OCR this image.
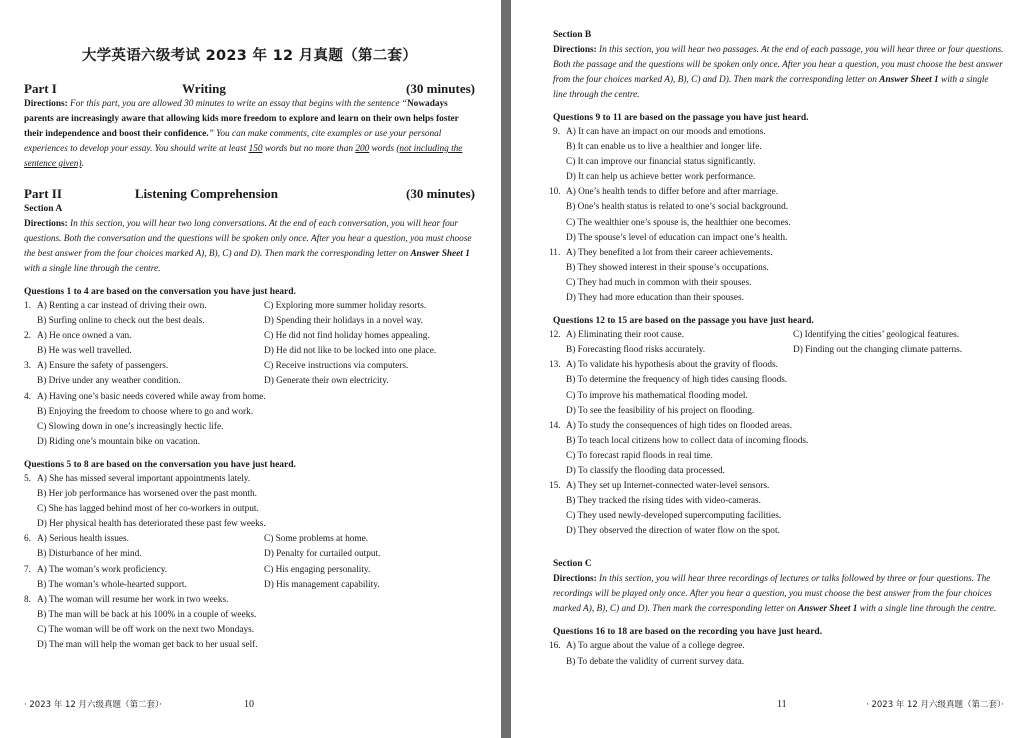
大学英语六级考试 2023 年 12 月真题（第二套）
Part I	Writing	(30 minutes)

Directions: For this part, you are allowed 30 minutes to write an essay that begins with the sentence “Nowadays parents are increasingly aware that allowing kids more freedom to explore and learn on their own helps foster their independence and boost their confidence.” You can make comments, cite examples or use your personal experiences to develop your essay. You should write at least 150 words but no more than 200 words (not including the sentence given).

Part II	Listening Comprehension	(30 minutes)
Section A

Directions: In this section, you will hear two long conversations. At the end of each conversation, you will hear four questions. Both the conversation and the questions will be spoken only once. After you hear a question, you must choose the best answer from the four choices marked A), B), C) and D). Then mark the corresponding letter on Answer Sheet 1 with a single line through the centre.

Questions 1 to 4 are based on the conversation you have just heard.
1. A) Renting a car instead of driving their own.	C) Exploring more summer holiday resorts.
B) Surfing online to check out the best deals.	D) Spending their holidays in a novel way.
2. A) He once owned a van.	C) He did not find holiday homes appealing.
B) He was well travelled.	D) He did not like to be locked into one place.
3. A) Ensure the safety of passengers.	C) Receive instructions via computers.
B) Drive under any weather condition.	D) Generate their own electricity.
4. A) Having one’s basic needs covered while away from home.
B) Enjoying the freedom to choose where to go and work.
C) Slowing down in one’s increasingly hectic life.
D) Riding one’s mountain bike on vacation.
Questions 5 to 8 are based on the conversation you have just heard.
5. A) She has missed several important appointments lately.
B) Her job performance has worsened over the past month.
C) She has lagged behind most of her co-workers in output.
D) Her physical health has deteriorated these past few weeks.
6. A) Serious health issues.	C) Some problems at home.
B) Disturbance of her mind.	D) Penalty for curtailed output.
7. A) The woman’s work proficiency.	C) His engaging personality.
B) The woman’s whole-hearted support.	D) His management capability.
8. A) The woman will resume her work in two weeks.
B) The man will be back at his 100% in a couple of weeks.
C) The woman will be off work on the next two Mondays.
D) The man will help the woman get back to her usual self.
· 2023 年 12 月六级真题（第二套）·	10
Section B

Directions: In this section, you will hear two passages. At the end of each passage, you will hear three or four questions. Both the passage and the questions will be spoken only once. After you hear a question, you must choose the best answer from the four choices marked A), B), C) and D). Then mark the corresponding letter on Answer Sheet 1 with a single line through the centre.

Questions 9 to 11 are based on the passage you have just heard.
9. A) It can have an impact on our moods and emotions.
B) It can enable us to live a healthier and longer life.
C) It can improve our financial status significantly.
D) It can help us achieve better work performance.
10. A) One’s health tends to differ before and after marriage.
B) One’s health status is related to one’s social background.
C) The wealthier one’s spouse is, the healthier one becomes.
D) The spouse’s level of education can impact one’s health.
11. A) They benefited a lot from their career achievements.
B) They showed interest in their spouse’s occupations.
C) They had much in common with their spouses.
D) They had more education than their spouses.
Questions 12 to 15 are based on the passage you have just heard.
12. A) Eliminating their root cause.	C) Identifying the cities’ geological features.
B) Forecasting flood risks accurately.	D) Finding out the changing climate patterns.
13. A) To validate his hypothesis about the gravity of floods.
B) To determine the frequency of high tides causing floods.
C) To improve his mathematical flooding model.
D) To see the feasibility of his project on flooding.
14. A) To study the consequences of high tides on flooded areas.
B) To teach local citizens how to collect data of incoming floods.
C) To forecast rapid floods in real time.
D) To classify the flooding data processed.
15. A) They set up Internet-connected water-level sensors.
B) They tracked the rising tides with video-cameras.
C) They used newly-developed supercomputing facilities.
D) They observed the direction of water flow on the spot.
Section C

Directions: In this section, you will hear three recordings of lectures or talks followed by three or four questions. The recordings will be played only once. After you hear a question, you must choose the best answer from the four choices marked A), B), C) and D). Then mark the corresponding letter on Answer Sheet 1 with a single line through the centre.

Questions 16 to 18 are based on the recording you have just heard.
16. A) To argue about the value of a college degree.
B) To debate the validity of current survey data.
11	· 2023 年 12 月六级真题（第二套）·
